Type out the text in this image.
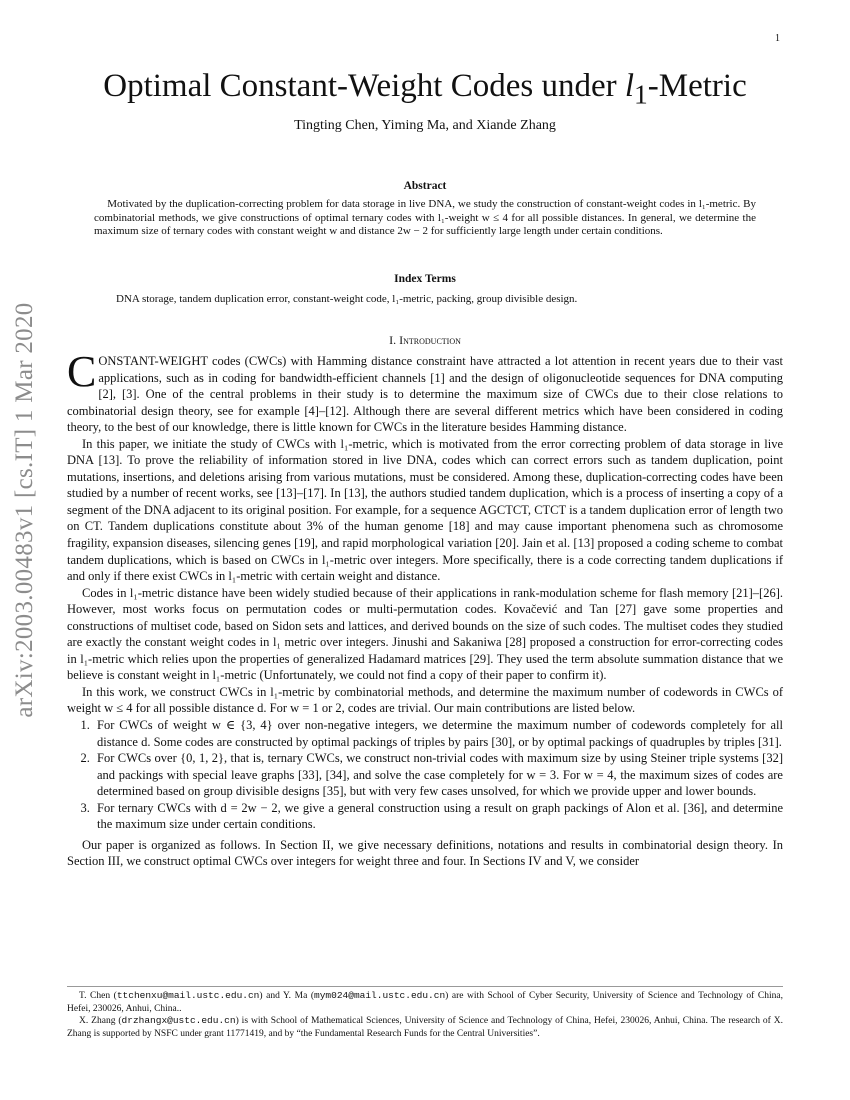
1
arXiv:2003.00483v1 [cs.IT] 1 Mar 2020
Optimal Constant-Weight Codes under $l_1$-Metric
Tingting Chen, Yiming Ma, and Xiande Zhang
Abstract

Motivated by the duplication-correcting problem for data storage in live DNA, we study the construction of constant-weight codes in l₁-metric. By combinatorial methods, we give constructions of optimal ternary codes with l₁-weight w ≤ 4 for all possible distances. In general, we determine the maximum size of ternary codes with constant weight w and distance 2w − 2 for sufficiently large length under certain conditions.

Index Terms

DNA storage, tandem duplication error, constant-weight code, l₁-metric, packing, group divisible design.

I. Introduction

CONSTANT-WEIGHT codes (CWCs) with Hamming distance constraint have attracted a lot attention in recent years due to their vast applications, such as in coding for bandwidth-efficient channels [1] and the design of oligonucleotide sequences for DNA computing [2], [3]. One of the central problems in their study is to determine the maximum size of CWCs due to their close relations to combinatorial design theory, see for example [4]–[12]. Although there are several different metrics which have been considered in coding theory, to the best of our knowledge, there is little known for CWCs in the literature besides Hamming distance.

In this paper, we initiate the study of CWCs with l₁-metric, which is motivated from the error correcting problem of data storage in live DNA [13]. To prove the reliability of information stored in live DNA, codes which can correct errors such as tandem duplication, point mutations, insertions, and deletions arising from various mutations, must be considered. Among these, duplication-correcting codes have been studied by a number of recent works, see [13]–[17]. In [13], the authors studied tandem duplication, which is a process of inserting a copy of a segment of the DNA adjacent to its original position. For example, for a sequence AGCTCT, CTCT is a tandem duplication error of length two on CT. Tandem duplications constitute about 3% of the human genome [18] and may cause important phenomena such as chromosome fragility, expansion diseases, silencing genes [19], and rapid morphological variation [20]. Jain et al. [13] proposed a coding scheme to combat tandem duplications, which is based on CWCs in l₁-metric over integers. More specifically, there is a code correcting tandem duplications if and only if there exist CWCs in l₁-metric with certain weight and distance.

Codes in l₁-metric distance have been widely studied because of their applications in rank-modulation scheme for flash memory [21]–[26]. However, most works focus on permutation codes or multi-permutation codes. Kovačević and Tan [27] gave some properties and constructions of multiset code, based on Sidon sets and lattices, and derived bounds on the size of such codes. The multiset codes they studied are exactly the constant weight codes in l₁ metric over integers. Jinushi and Sakaniwa [28] proposed a construction for error-correcting codes in l₁-metric which relies upon the properties of generalized Hadamard matrices [29]. They used the term absolute summation distance that we believe is constant weight in l₁-metric (Unfortunately, we could not find a copy of their paper to confirm it).

In this work, we construct CWCs in l₁-metric by combinatorial methods, and determine the maximum number of codewords in CWCs of weight w ≤ 4 for all possible distance d. For w = 1 or 2, codes are trivial. Our main contributions are listed below.

1. For CWCs of weight w ∈ {3, 4} over non-negative integers, we determine the maximum number of codewords completely for all distance d. Some codes are constructed by optimal packings of triples by pairs [30], or by optimal packings of quadruples by triples [31].
2. For CWCs over {0, 1, 2}, that is, ternary CWCs, we construct non-trivial codes with maximum size by using Steiner triple systems [32] and packings with special leave graphs [33], [34], and solve the case completely for w = 3. For w = 4, the maximum sizes of codes are determined based on group divisible designs [35], but with very few cases unsolved, for which we provide upper and lower bounds.
3. For ternary CWCs with d = 2w − 2, we give a general construction using a result on graph packings of Alon et al. [36], and determine the maximum size under certain conditions.

Our paper is organized as follows. In Section II, we give necessary definitions, notations and results in combinatorial design theory. In Section III, we construct optimal CWCs over integers for weight three and four. In Sections IV and V, we consider

T. Chen (ttchenxu@mail.ustc.edu.cn) and Y. Ma (mym024@mail.ustc.edu.cn) are with School of Cyber Security, University of Science and Technology of China, Hefei, 230026, Anhui, China..

X. Zhang (drzhangx@ustc.edu.cn) is with School of Mathematical Sciences, University of Science and Technology of China, Hefei, 230026, Anhui, China. The research of X. Zhang is supported by NSFC under grant 11771419, and by “the Fundamental Research Funds for the Central Universities”.
